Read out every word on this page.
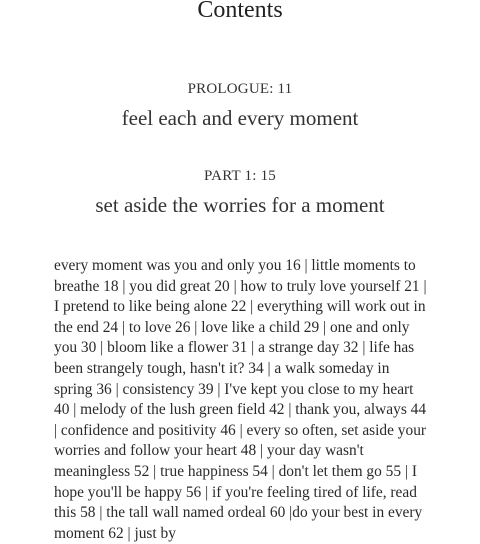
Contents
PROLOGUE: 11
feel each and every moment
PART 1: 15
set aside the worries for a moment

every moment was you and only you 16 | little moments to breathe 18 | you did great 20 | how to truly love yourself 21 | I pretend to like being alone 22 | everything will work out in the end 24 | to love 26 | love like a child 29 | one and only you 30 | bloom like a flower 31 | a strange day 32 | life has been strangely tough, hasn't it? 34 | a walk someday in spring 36 | consistency 39 | I've kept you close to my heart 40 | melody of the lush green field 42 | thank you, always 44 | confidence and positivity 46 | every so often, set aside your worries and follow your heart 48 | your day wasn't meaningless 52 | true happiness 54 | don't let them go 55 | I hope you'll be happy 56 | if you're feeling tired of life, read this 58 | the tall wall named ordeal 60 |do your best in every moment 62 | just by
